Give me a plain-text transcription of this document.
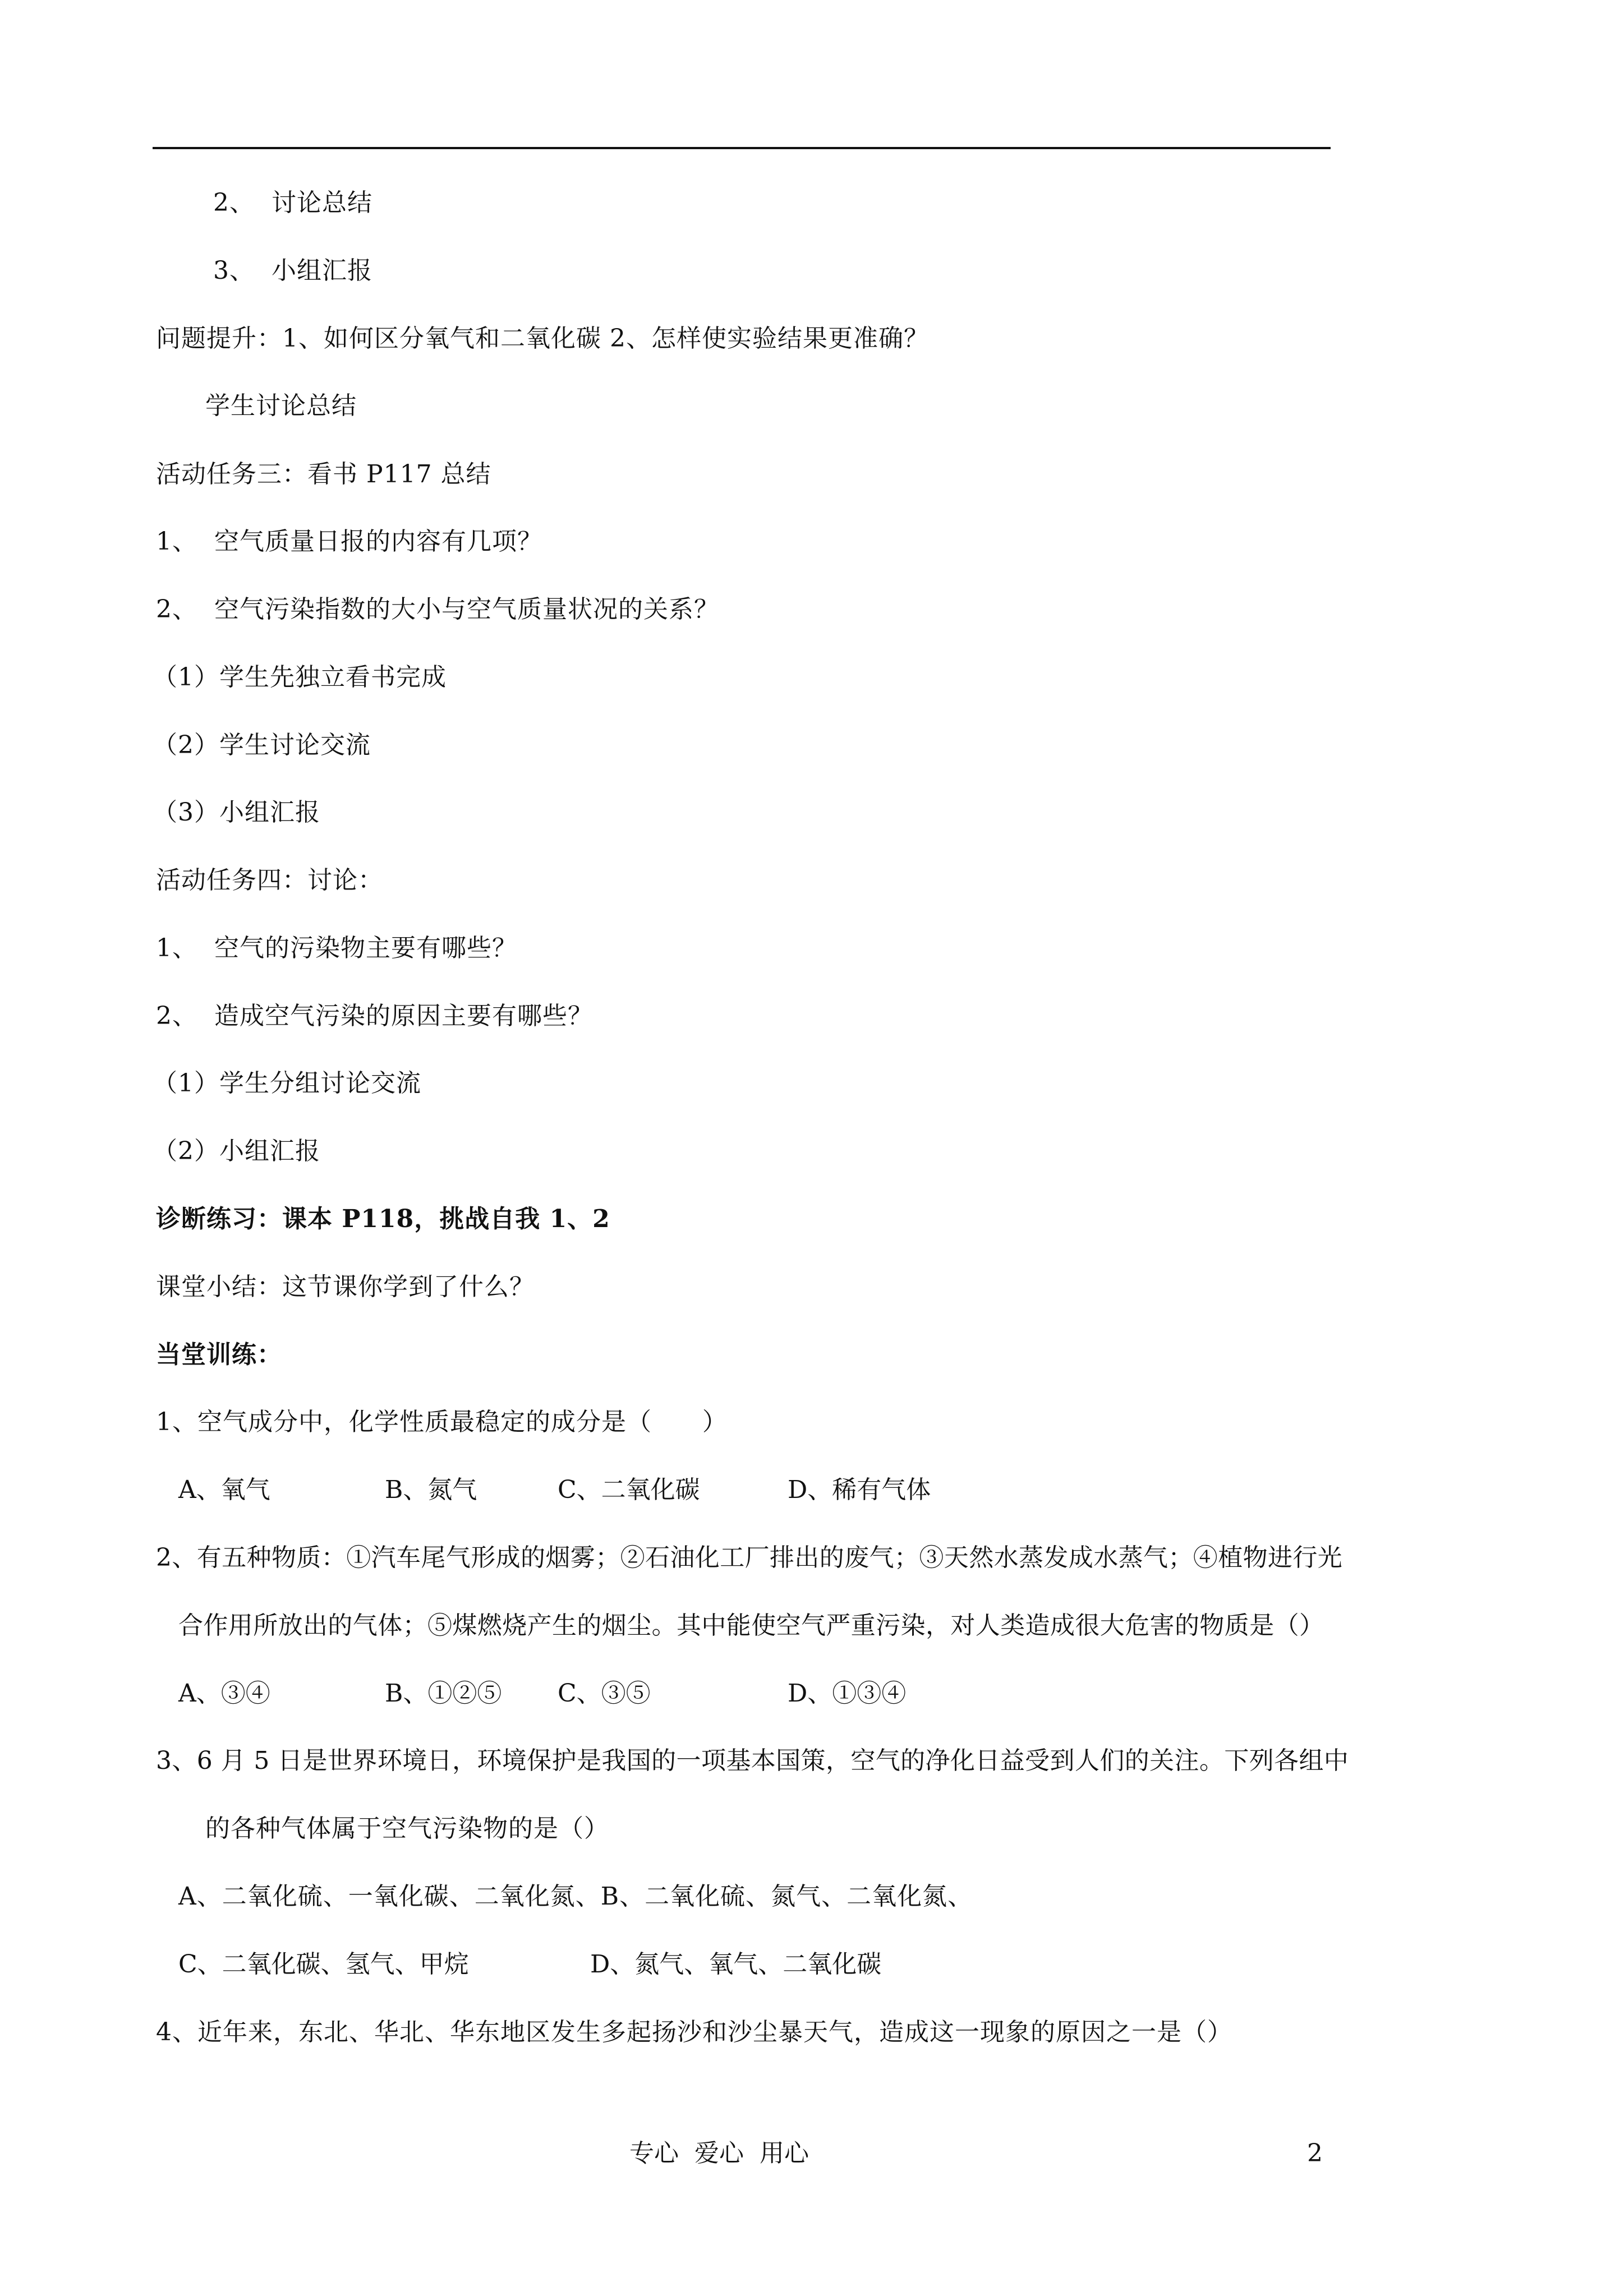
2、  讨论总结
3、  小组汇报
问题提升：1、如何区分氧气和二氧化碳 2、怎样使实验结果更准确？
学生讨论总结
活动任务三：看书 P117 总结
1、  空气质量日报的内容有几项？
2、  空气污染指数的大小与空气质量状况的关系？
（1）学生先独立看书完成
（2）学生讨论交流
（3）小组汇报
活动任务四：讨论：
1、  空气的污染物主要有哪些？
2、  造成空气污染的原因主要有哪些？
（1）学生分组讨论交流
（2）小组汇报
诊断练习：课本 P118，挑战自我 1、2
课堂小结：这节课你学到了什么？
当堂训练：
1、空气成分中，化学性质最稳定的成分是（      ）

A、氧气

	B、氮气

	C、二氧化碳

	D、稀有气体

2、有五种物质：①汽车尾气形成的烟雾；②石油化工厂排出的废气；③天然水蒸发成水蒸气；④植物进行光
合作用所放出的气体；⑤煤燃烧产生的烟尘。其中能使空气严重污染，对人类造成很大危害的物质是（）

A、③④

	B、①②⑤

C、③⑤

	D、①③④

3、6 月 5 日是世界环境日，环境保护是我国的一项基本国策，空气的净化日益受到人们的关注。下列各组中
的各种气体属于空气污染物的是（）
A、二氧化硫、一氧化碳、二氧化氮、B、二氧化硫、氮气、二氧化氮、

C、二氧化碳、氢气、甲烷

	D、氮气、氧气、二氧化碳

4、近年来，东北、华北、华东地区发生多起扬沙和沙尘暴天气，造成这一现象的原因之一是（）
专心  爱心  用心	2
